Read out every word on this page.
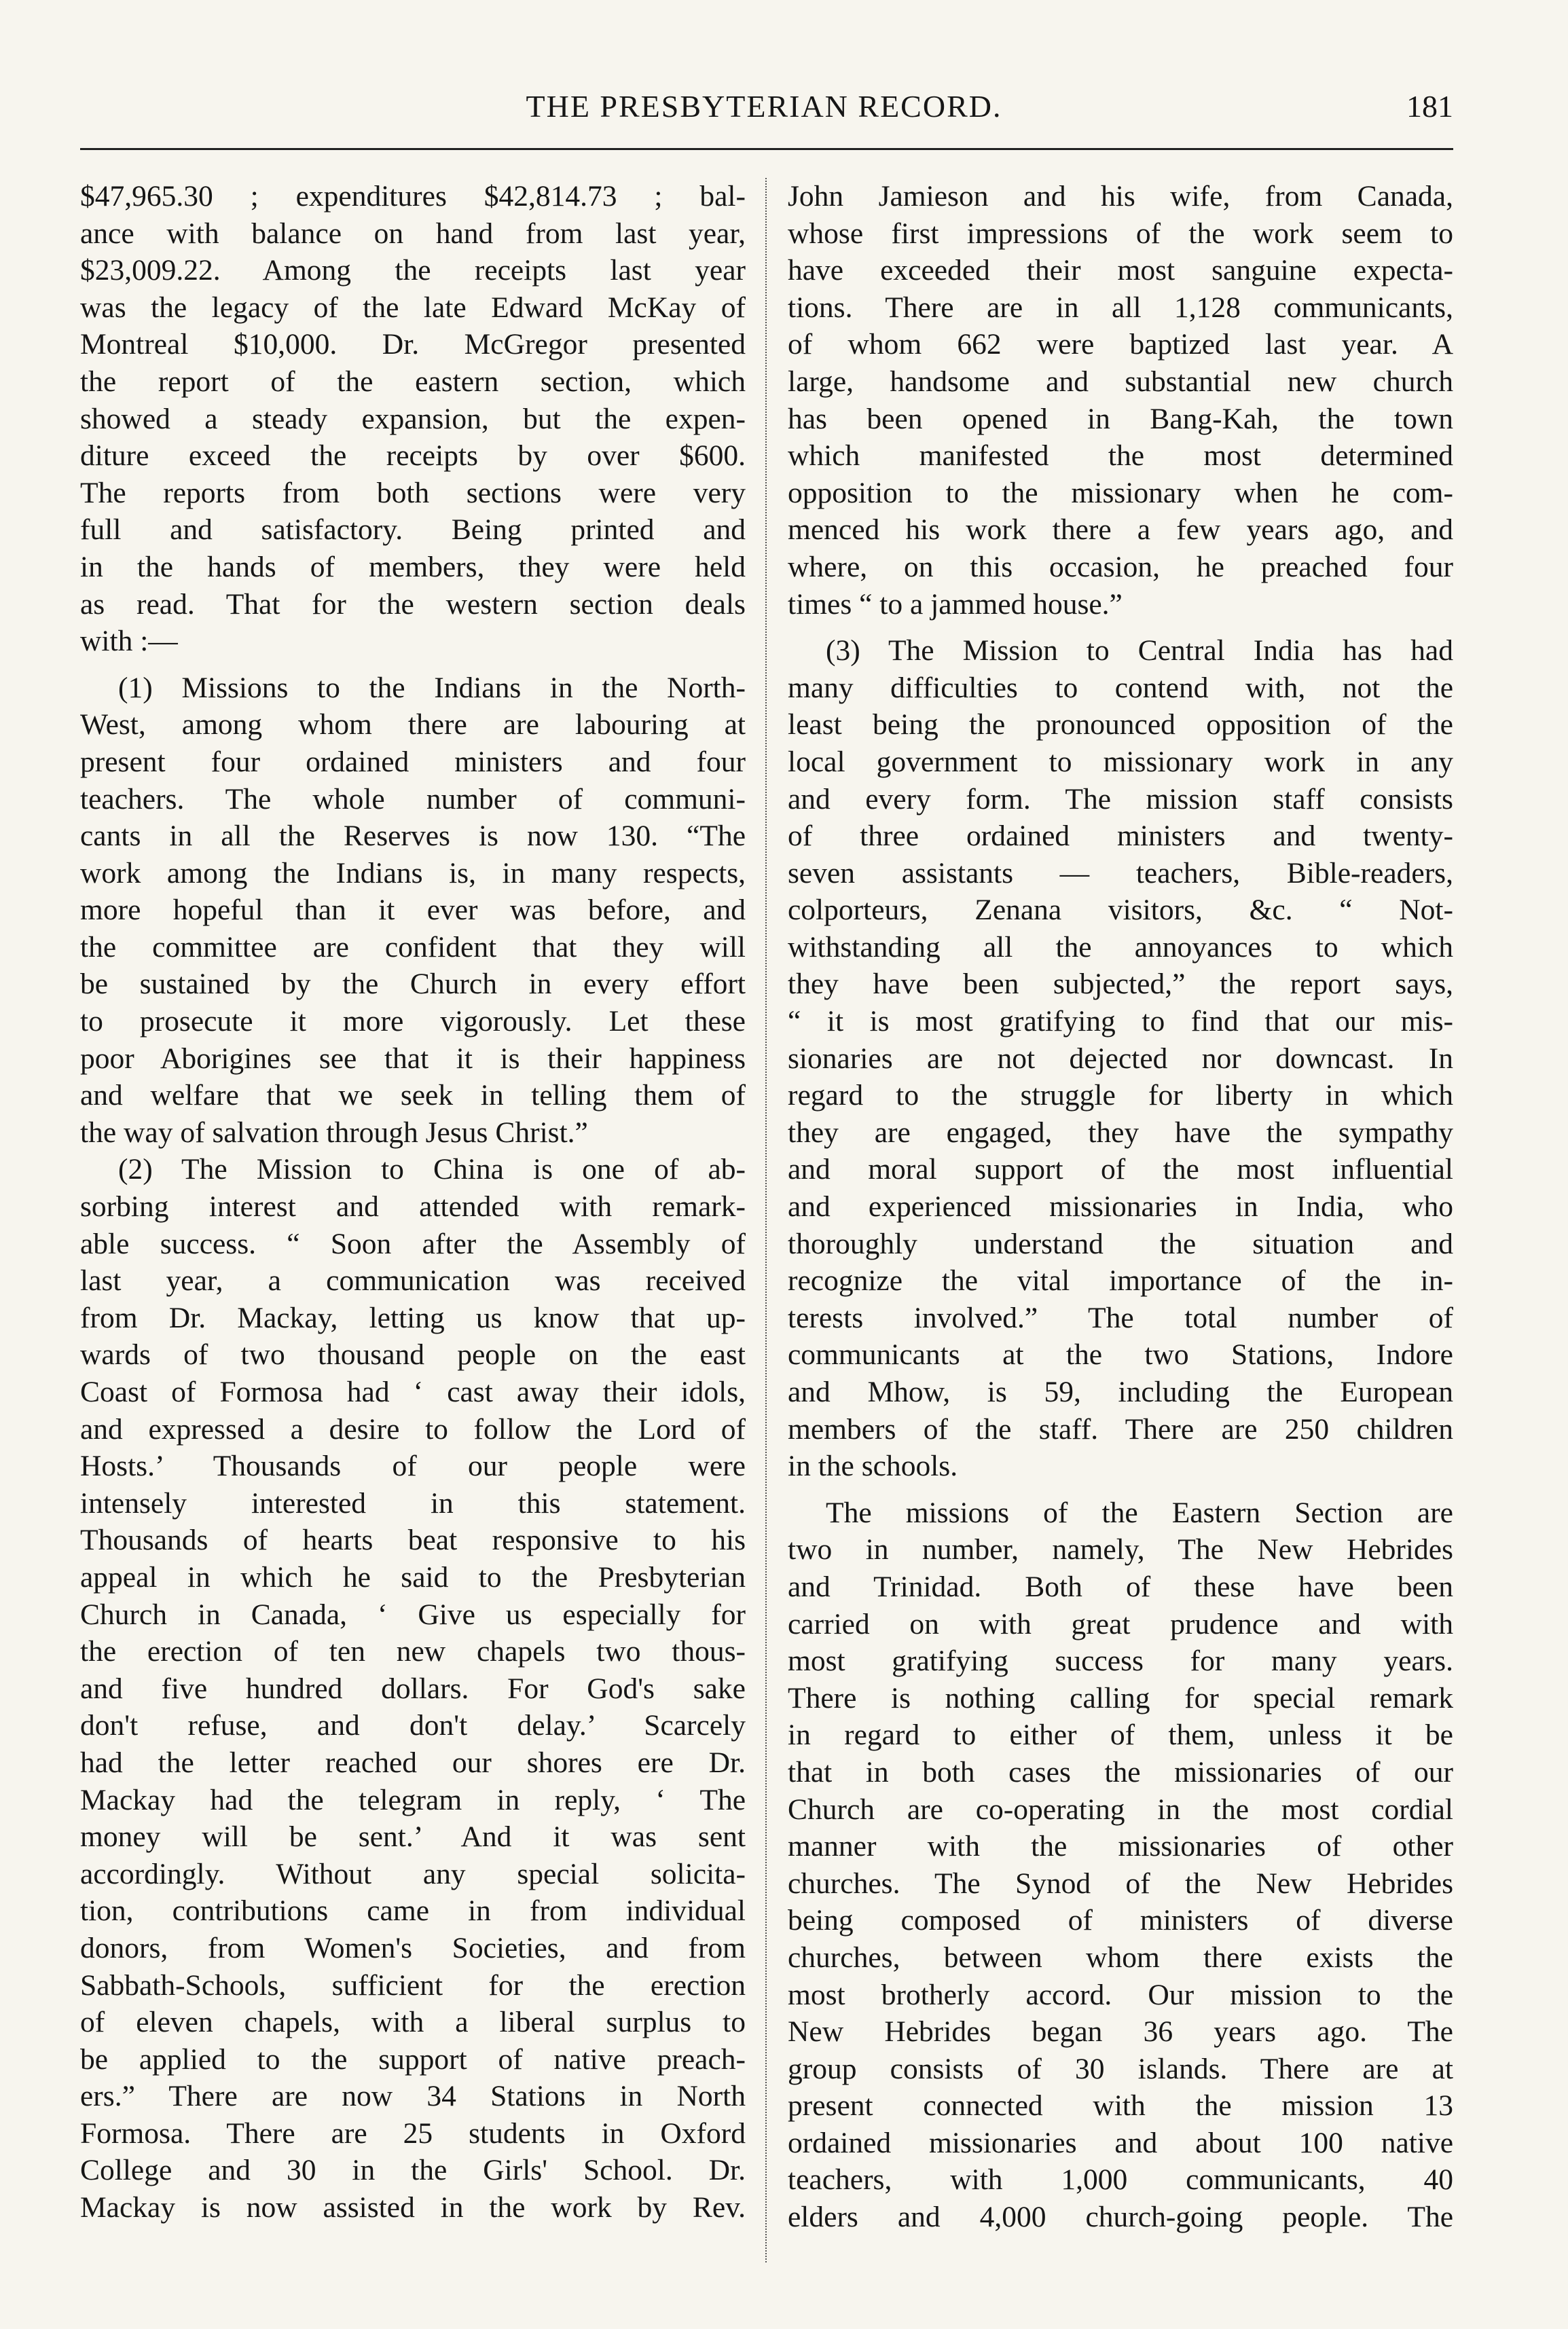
THE PRESBYTERIAN RECORD.	181
$47,965.30 ; expenditures $42,814.73 ; bal-
ance with balance on hand from last year,
$23,009.22. Among the receipts last year
was the legacy of the late Edward McKay of
Montreal $10,000. Dr. McGregor presented
the report of the eastern section, which
showed a steady expansion, but the expen-
diture exceed the receipts by over $600.
The reports from both sections were very
full and satisfactory. Being printed and
in the hands of members, they were held
as read. That for the western section deals
with :—
(1) Missions to the Indians in the North-
West, among whom there are labouring at
present four ordained ministers and four
teachers. The whole number of communi-
cants in all the Reserves is now 130. “The
work among the Indians is, in many respects,
more hopeful than it ever was before, and
the committee are confident that they will
be sustained by the Church in every effort
to prosecute it more vigorously. Let these
poor Aborigines see that it is their happiness
and welfare that we seek in telling them of
the way of salvation through Jesus Christ.”
(2) The Mission to China is one of ab-
sorbing interest and attended with remark-
able success. “ Soon after the Assembly of
last year, a communication was received
from Dr. Mackay, letting us know that up-
wards of two thousand people on the east
Coast of Formosa had ‘ cast away their idols,
and expressed a desire to follow the Lord of
Hosts.’ Thousands of our people were
intensely interested in this statement.
Thousands of hearts beat responsive to his
appeal in which he said to the Presbyterian
Church in Canada, ‘ Give us especially for
the erection of ten new chapels two thous-
and five hundred dollars. For God's sake
don't refuse, and don't delay.’ Scarcely
had the letter reached our shores ere Dr.
Mackay had the telegram in reply, ‘ The
money will be sent.’ And it was sent
accordingly. Without any special solicita-
tion, contributions came in from individual
donors, from Women's Societies, and from
Sabbath-Schools, sufficient for the erection
of eleven chapels, with a liberal surplus to
be applied to the support of native preach-
ers.” There are now 34 Stations in North
Formosa. There are 25 students in Oxford
College and 30 in the Girls' School. Dr.
Mackay is now assisted in the work by Rev.
John Jamieson and his wife, from Canada,
whose first impressions of the work seem to
have exceeded their most sanguine expecta-
tions. There are in all 1,128 communicants,
of whom 662 were baptized last year. A
large, handsome and substantial new church
has been opened in Bang-Kah, the town
which manifested the most determined
opposition to the missionary when he com-
menced his work there a few years ago, and
where, on this occasion, he preached four
times “ to a jammed house.”
(3) The Mission to Central India has had
many difficulties to contend with, not the
least being the pronounced opposition of the
local government to missionary work in any
and every form. The mission staff consists
of three ordained ministers and twenty-
seven assistants — teachers, Bible-readers,
colporteurs, Zenana visitors, &c. “ Not-
withstanding all the annoyances to which
they have been subjected,” the report says,
“ it is most gratifying to find that our mis-
sionaries are not dejected nor downcast. In
regard to the struggle for liberty in which
they are engaged, they have the sympathy
and moral support of the most influential
and experienced missionaries in India, who
thoroughly understand the situation and
recognize the vital importance of the in-
terests involved.” The total number of
communicants at the two Stations, Indore
and Mhow, is 59, including the European
members of the staff. There are 250 children
in the schools.
The missions of the Eastern Section are
two in number, namely, The New Hebrides
and Trinidad. Both of these have been
carried on with great prudence and with
most gratifying success for many years.
There is nothing calling for special remark
in regard to either of them, unless it be
that in both cases the missionaries of our
Church are co-operating in the most cordial
manner with the missionaries of other
churches. The Synod of the New Hebrides
being composed of ministers of diverse
churches, between whom there exists the
most brotherly accord. Our mission to the
New Hebrides began 36 years ago. The
group consists of 30 islands. There are at
present connected with the mission 13
ordained missionaries and about 100 native
teachers, with 1,000 communicants, 40
elders and 4,000 church-going people. The
